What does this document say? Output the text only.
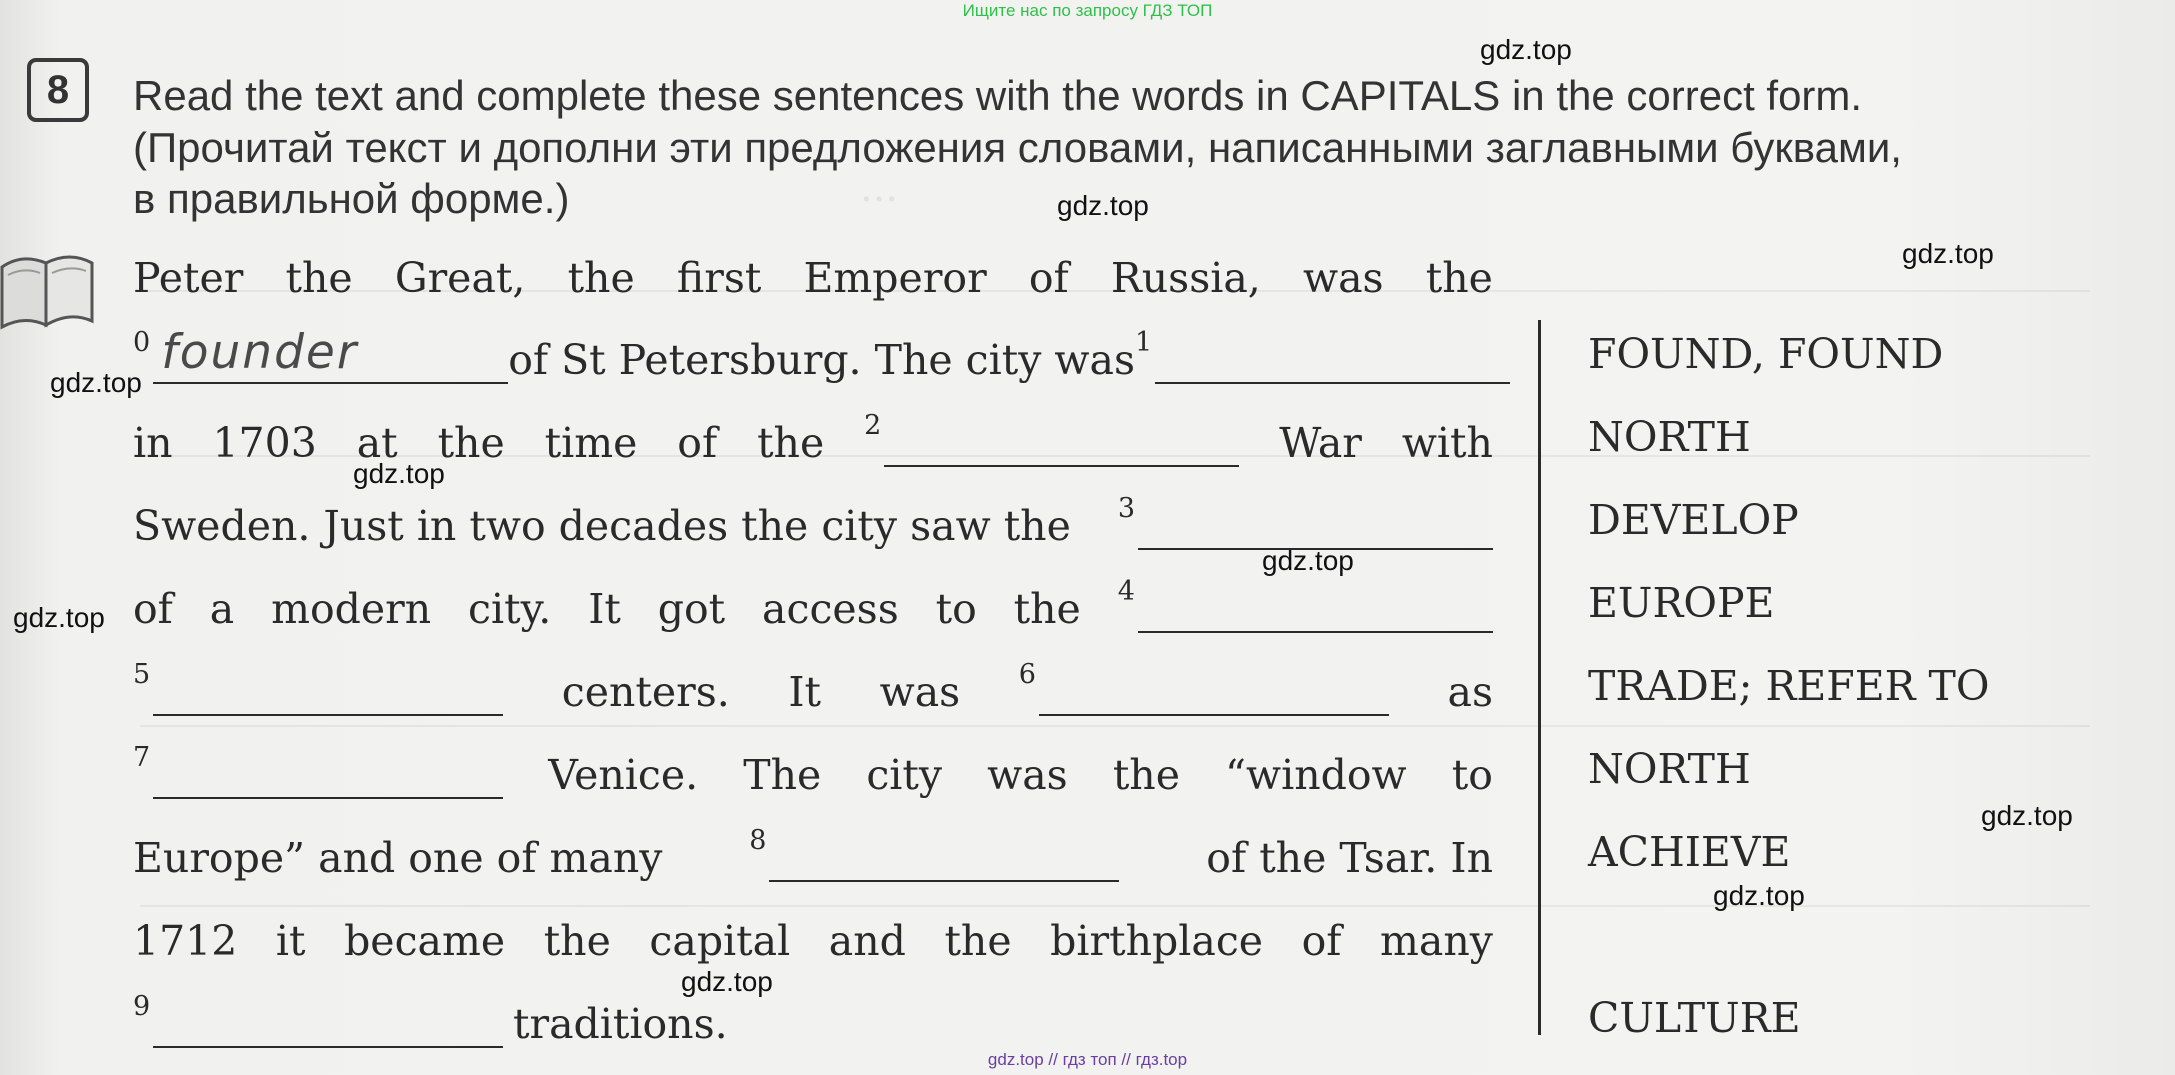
...
Ищите нас по запросу ГДЗ ТОП
8	Read the text and complete these sentences with the words in CAPITALS in the correct form.
(Прочитай текст и дополни эти предложения словами, написанными заглавными буквами,
в правильной форме.)
Peter the Great, the first Emperor of Russia, was the
$^0$ founder	of St Petersburg. The city was $^1$
in 1703 at the time of the $^2$	War with
Sweden. Just in two decades the city saw the $^3$
of a modern city. It got access to the $^4$
$^5$	centers. It was $^6$	as
$^7$	Venice. The city was the “window to
Europe” and one of many	$^8$	of the Tsar. In
1712 it became the capital and the birthplace of many
$^9$	traditions.
FOUND, FOUND
NORTH
DEVELOP
EUROPE
TRADE; REFER TO
NORTH
ACHIEVE
CULTURE
gdz.top
gdz.top
gdz.top
gdz.top
gdz.top
gdz.top
gdz.top
gdz.top
gdz.top
gdz.top
gdz.top // гдз топ // гдз.top
